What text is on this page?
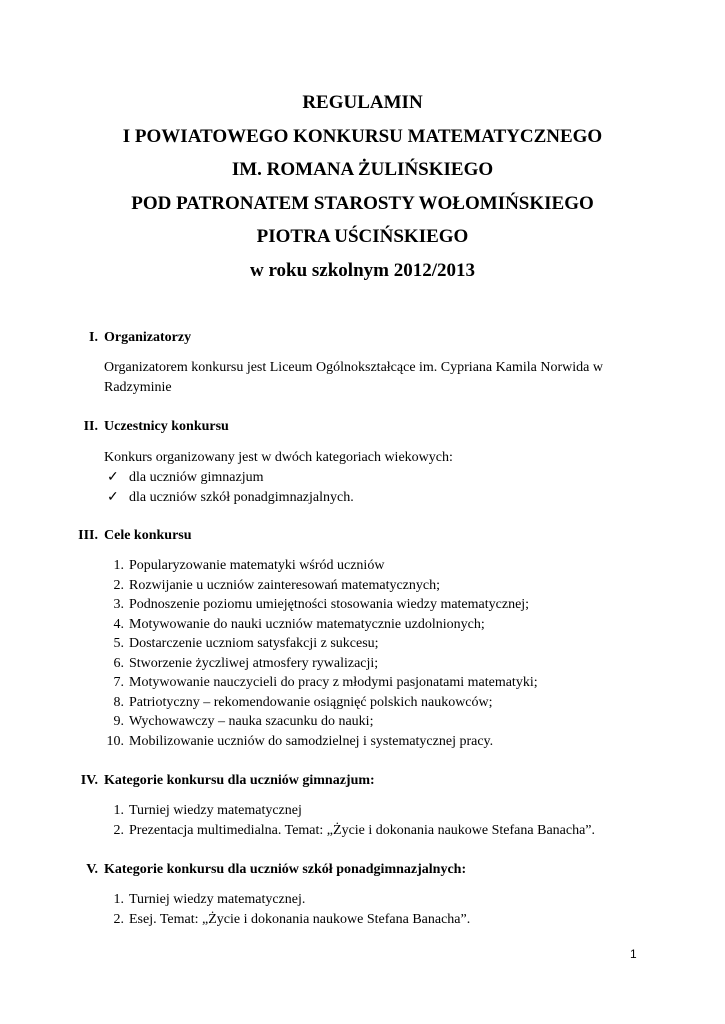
REGULAMIN
I POWIATOWEGO KONKURSU MATEMATYCZNEGO
IM. ROMANA ŻULIŃSKIEGO
POD PATRONATEM STAROSTY WOŁOMIŃSKIEGO
PIOTRA UŚCIŃSKIEGO
w roku szkolnym 2012/2013
I. Organizatorzy
Organizatorem konkursu jest Liceum Ogólnokształcące im. Cypriana Kamila Norwida w Radzyminie
II. Uczestnicy konkursu
Konkurs organizowany jest w dwóch kategoriach wiekowych:
✓ dla uczniów gimnazjum
✓ dla uczniów szkół ponadgimnazjalnych.
III. Cele konkursu
1. Popularyzowanie matematyki wśród uczniów
2. Rozwijanie u uczniów zainteresowań matematycznych;
3. Podnoszenie poziomu umiejętności stosowania wiedzy matematycznej;
4. Motywowanie do nauki uczniów matematycznie uzdolnionych;
5. Dostarczenie uczniom satysfakcji z sukcesu;
6. Stworzenie życzliwej atmosfery rywalizacji;
7. Motywowanie nauczycieli do pracy z młodymi pasjonatami matematyki;
8. Patriotyczny – rekomendowanie osiągnięć polskich naukowców;
9. Wychowawczy – nauka szacunku do nauki;
10. Mobilizowanie uczniów do samodzielnej i systematycznej pracy.
IV. Kategorie konkursu dla uczniów gimnazjum:
1. Turniej wiedzy matematycznej
2. Prezentacja multimedialna. Temat: „Życie i dokonania naukowe Stefana Banacha”.
V. Kategorie konkursu dla uczniów szkół ponadgimnazjalnych:
1. Turniej wiedzy matematycznej.
2. Esej. Temat: „Życie i dokonania naukowe Stefana Banacha”.
1
